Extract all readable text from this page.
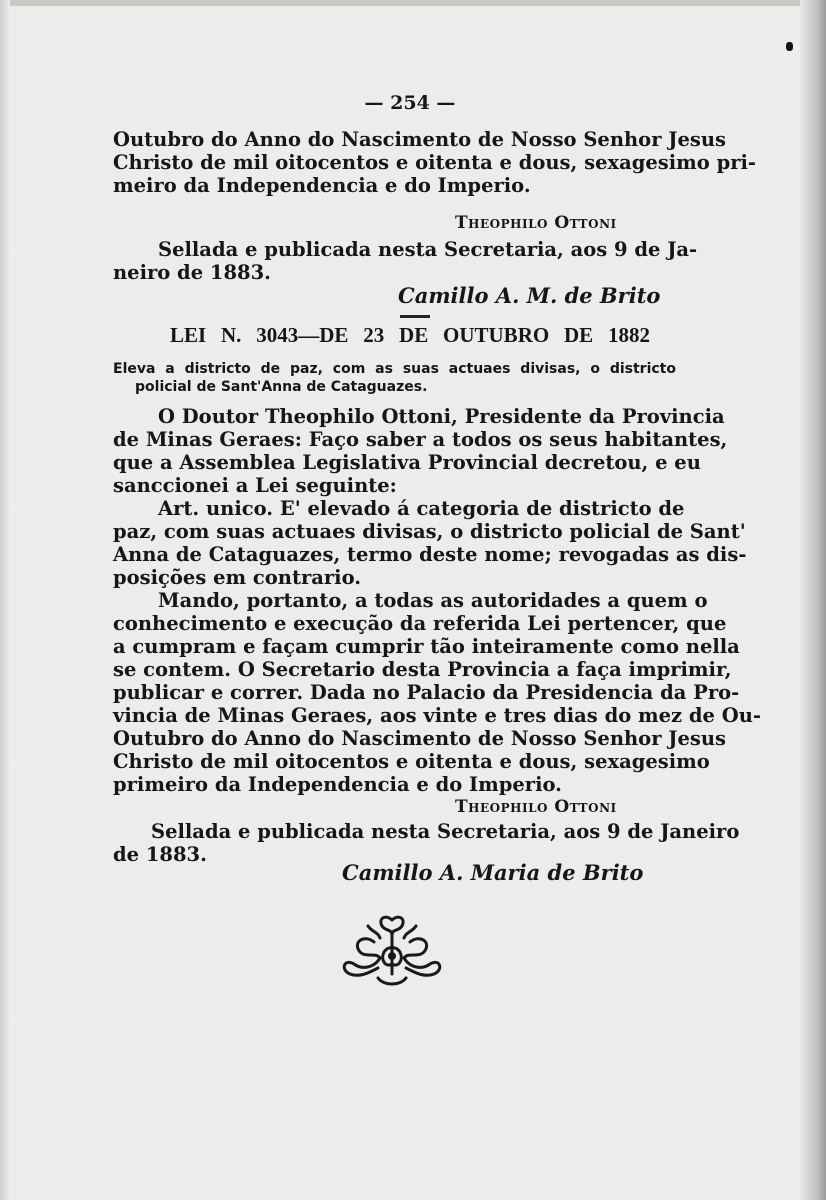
— 254 —
Outubro do Anno do Nascimento de Nosso Senhor Jesus
Christo de mil oitocentos e oitenta e dous, sexagesimo pri-
meiro da Independencia e do Imperio.
Theophilo Ottoni
Sellada e publicada nesta Secretaria, aos 9 de Ja-
neiro de 1883.
Camillo A. M. de Brito
LEI N. 3043—DE 23 DE OUTUBRO DE 1882
Eleva a districto de paz, com as suas actuaes divisas, o districto
policial de Sant'Anna de Cataguazes.
O Doutor Theophilo Ottoni, Presidente da Provincia
de Minas Geraes: Faço saber a todos os seus habitantes,
que a Assemblea Legislativa Provincial decretou, e eu
sanccionei a Lei seguinte:
Art. unico. E' elevado á categoria de districto de
paz, com suas actuaes divisas, o districto policial de Sant'
Anna de Cataguazes, termo deste nome; revogadas as dis-
posições em contrario.
Mando, portanto, a todas as autoridades a quem o
conhecimento e execução da referida Lei pertencer, que
a cumpram e façam cumprir tão inteiramente como nella
se contem. O Secretario desta Provincia a faça imprimir,
publicar e correr. Dada no Palacio da Presidencia da Pro-
vincia de Minas Geraes, aos vinte e tres dias do mez de Ou-
Outubro do Anno do Nascimento de Nosso Senhor Jesus
Christo de mil oitocentos e oitenta e dous, sexagesimo
primeiro da Independencia e do Imperio.
Theophilo Ottoni
Sellada e publicada nesta Secretaria, aos 9 de Janeiro
de 1883.
Camillo A. Maria de Brito
